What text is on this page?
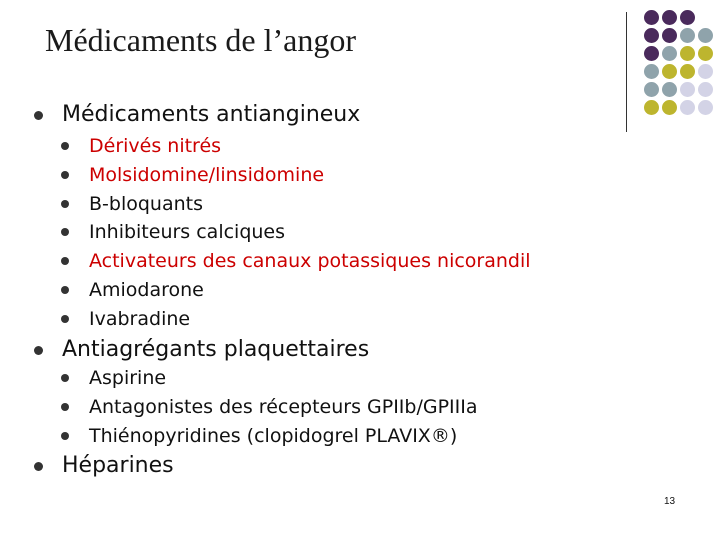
Médicaments de l’angor
Médicaments antiangineux
Dérivés nitrés
Molsidomine/linsidomine
Β-bloquants
Inhibiteurs calciques
Activateurs des canaux potassiques nicorandil
Amiodarone
Ivabradine
Antiagrégants plaquettaires
Aspirine
Antagonistes des récepteurs GPIIb/GPIIIa
Thiénopyridines (clopidogrel PLAVIX®)
Héparines
13
